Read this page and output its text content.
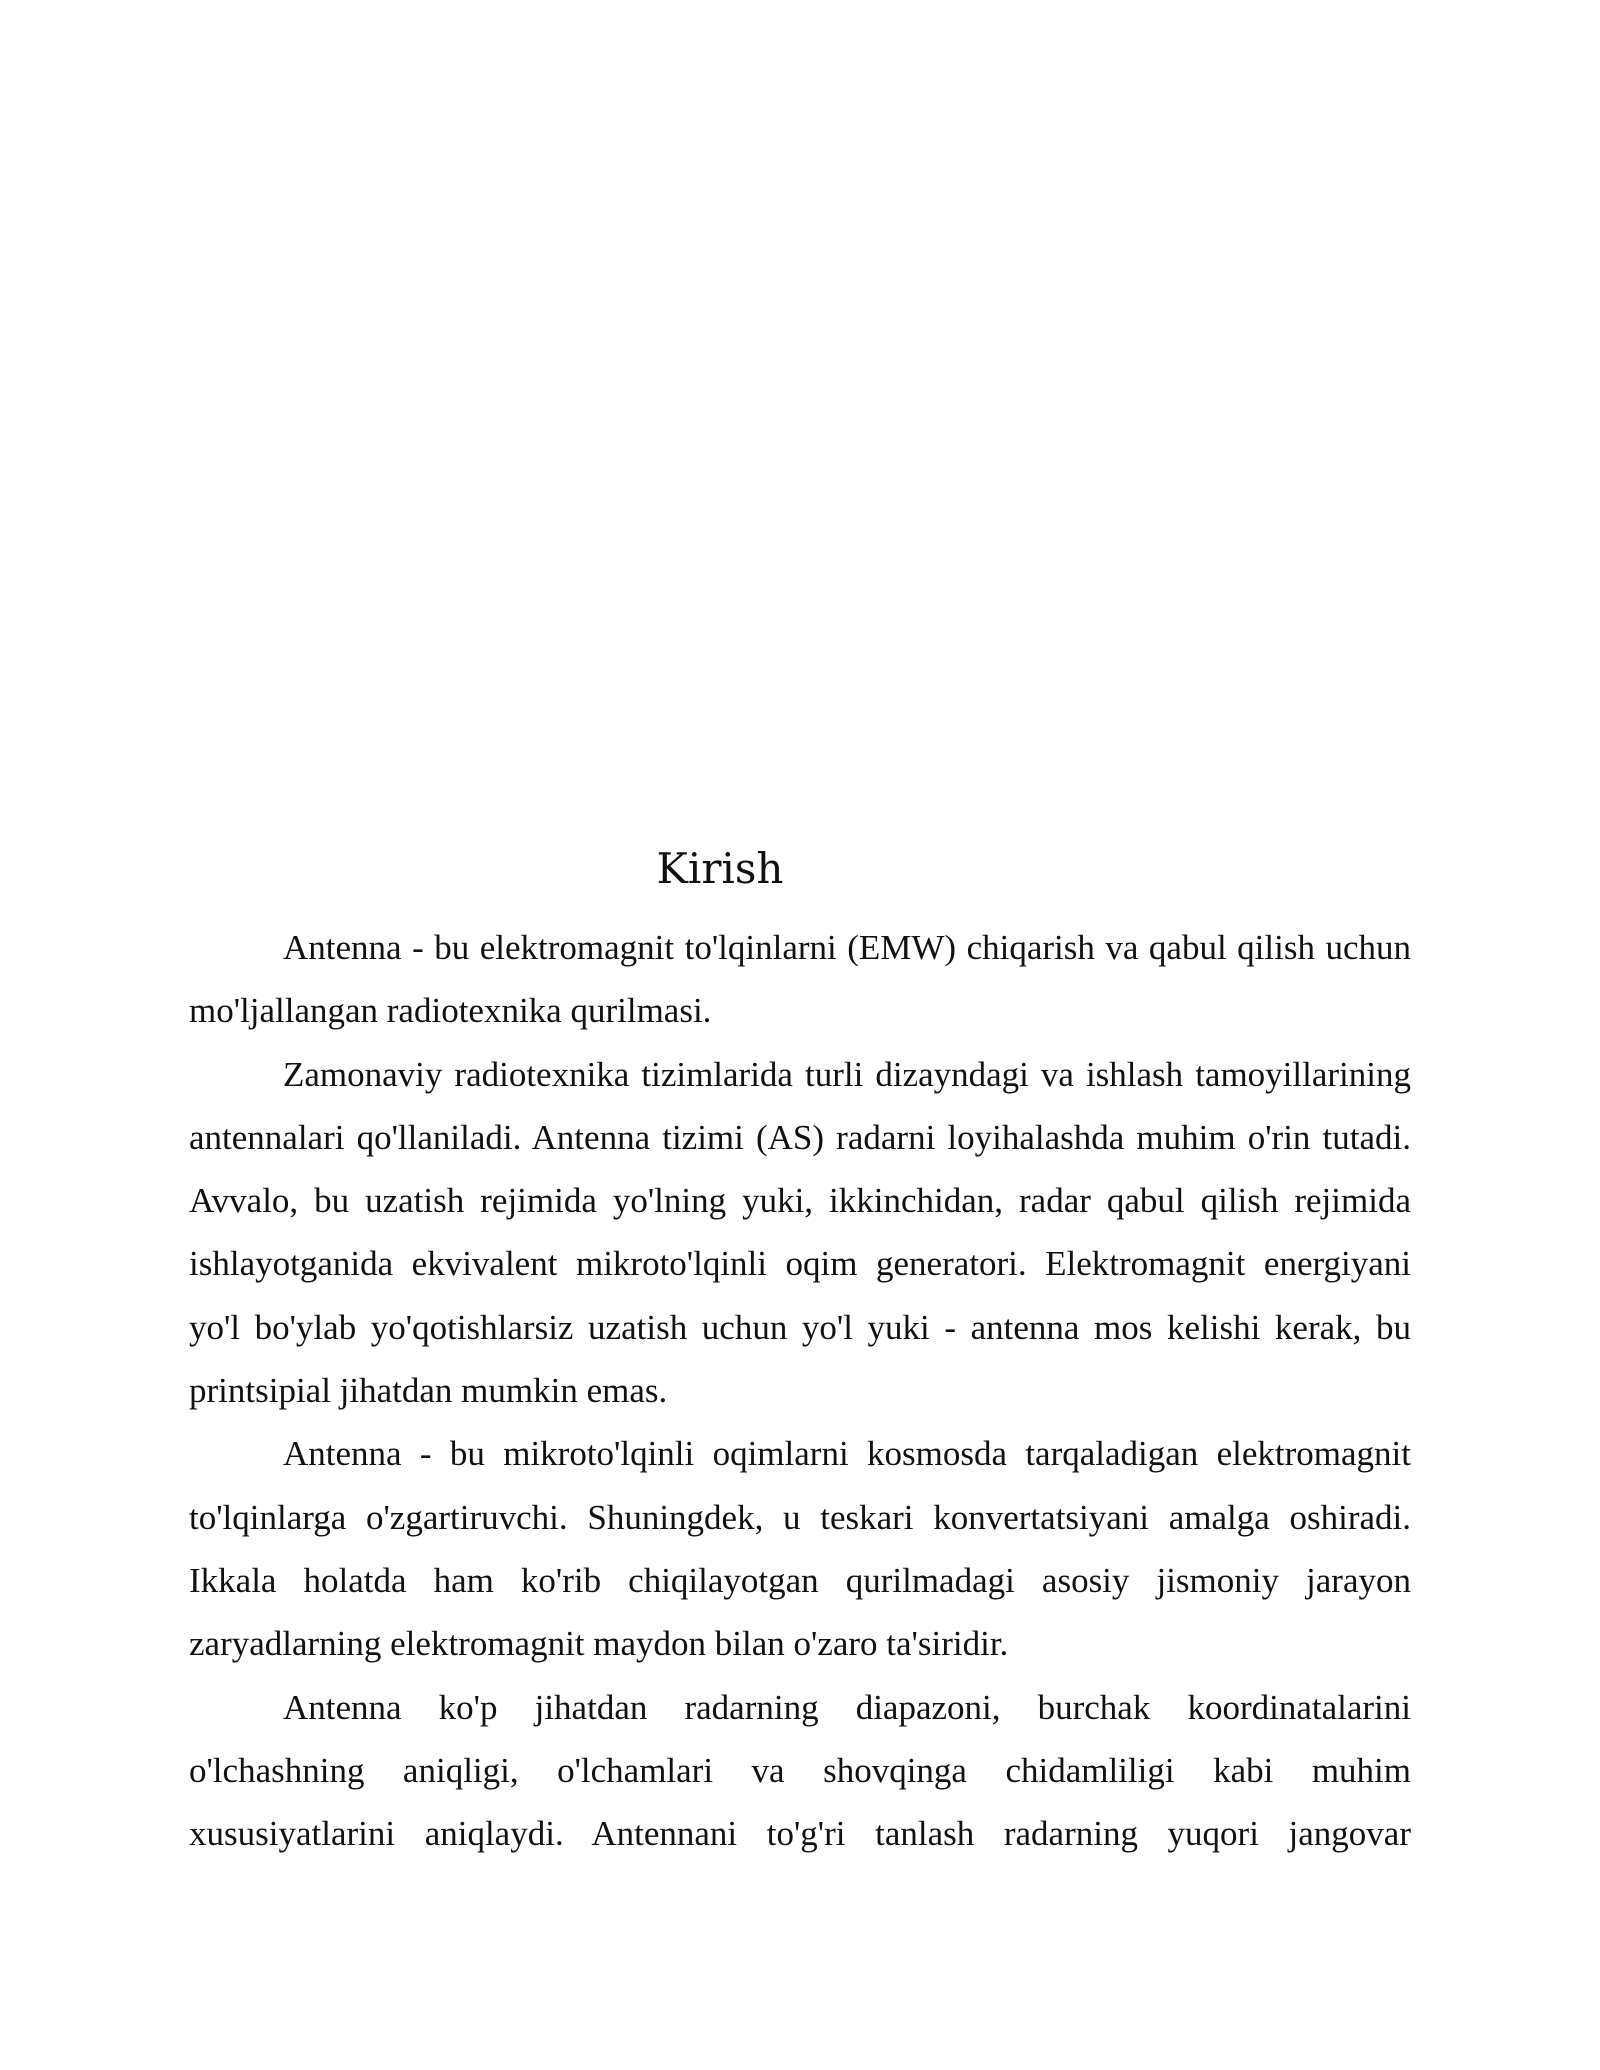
Kirish

Antenna - bu elektromagnit to'lqinlarni (EMW) chiqarish va qabul qilish uchun mo'ljallangan radiotexnika qurilmasi.

Zamonaviy radiotexnika tizimlarida turli dizayndagi va ishlash tamoyillarining antennalari qo'llaniladi. Antenna tizimi (AS) radarni loyihalashda muhim o'rin tutadi. Avvalo, bu uzatish rejimida yo'lning yuki, ikkinchidan, radar qabul qilish rejimida ishlayotganida ekvivalent mikroto'lqinli oqim generatori. Elektromagnit energiyani yo'l bo'ylab yo'qotishlarsiz uzatish uchun yo'l yuki - antenna mos kelishi kerak, bu printsipial jihatdan mumkin emas.

Antenna - bu mikroto'lqinli oqimlarni kosmosda tarqaladigan elektromagnit to'lqinlarga o'zgartiruvchi. Shuningdek, u teskari konvertatsiyani amalga oshiradi. Ikkala holatda ham ko'rib chiqilayotgan qurilmadagi asosiy jismoniy jarayon zaryadlarning elektromagnit maydon bilan o'zaro ta'siridir.

Antenna ko'p jihatdan radarning diapazoni, burchak koordinatalarini o'lchashning aniqligi, o'lchamlari va shovqinga chidamliligi kabi muhim xususiyatlarini aniqlaydi. Antennani to'g'ri tanlash radarning yuqori jangovar
